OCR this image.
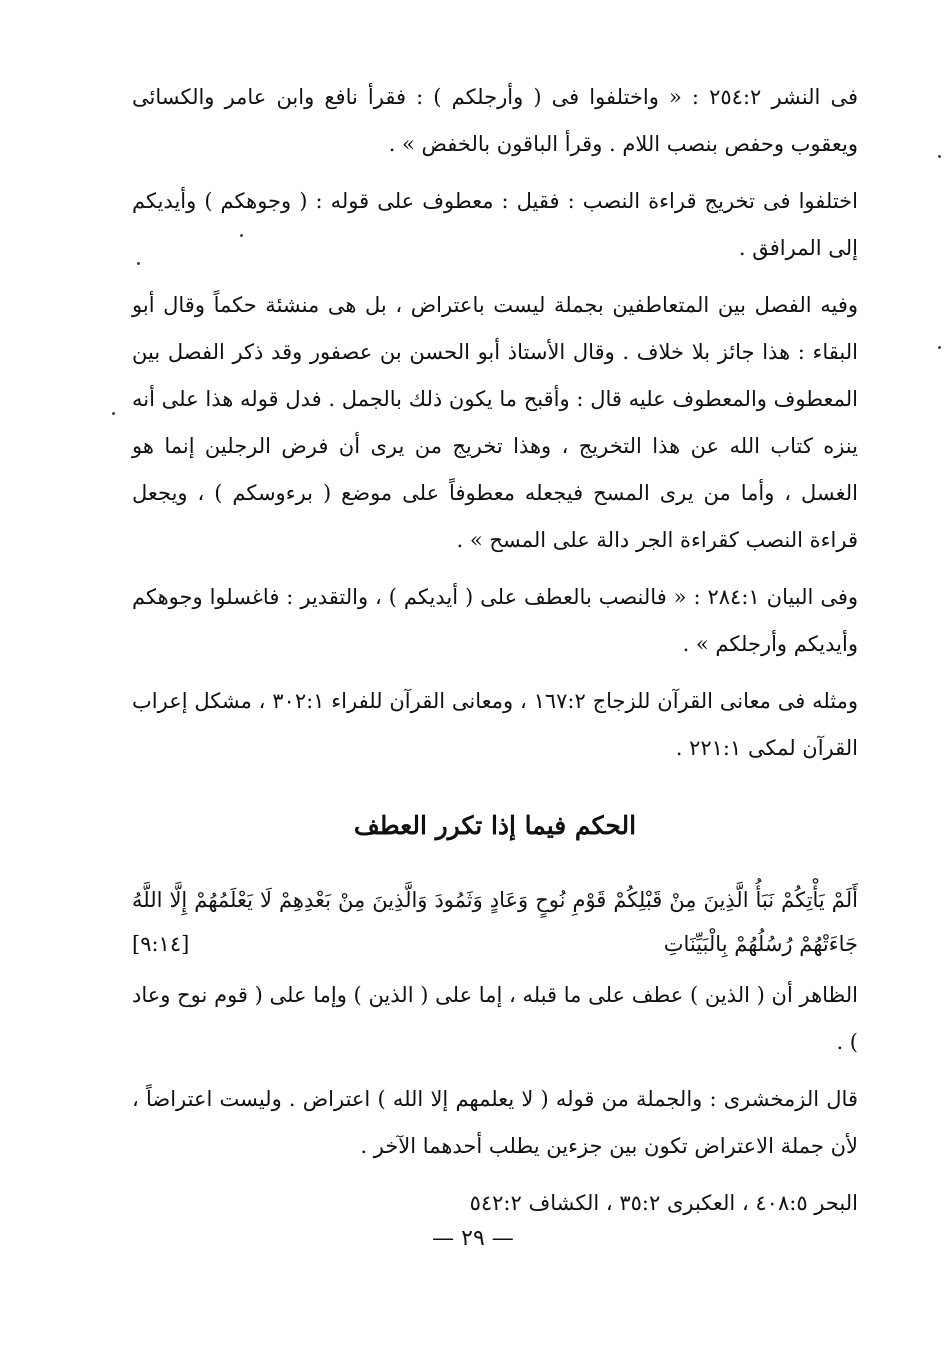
فى النشر ٢٥٤:٢ : « واختلفوا فى ( وأرجلكم ) : فقرأ نافع وابن عامر والكسائى ويعقوب وحفص بنصب اللام . وقرأ الباقون بالخفض » .

اختلفوا فى تخريج قراءة النصب : فقيل : معطوف على قوله : ( وجوهكم ) وأيديكم إلى المرافق .

وفيه الفصل بين المتعاطفين بجملة ليست باعتراض ، بل هى منشئة حكماً وقال أبو البقاء : هذا جائز بلا خلاف . وقال الأستاذ أبو الحسن بن عصفور وقد ذكر الفصل بين المعطوف والمعطوف عليه قال : وأقبح ما يكون ذلك بالجمل . فدل قوله هذا على أنه ينزه كتاب الله عن هذا التخريج ، وهذا تخريج من يرى أن فرض الرجلين إنما هو الغسل ، وأما من يرى المسح فيجعله معطوفاً على موضع ( برءوسكم ) ، ويجعل قراءة النصب كقراءة الجر دالة على المسح » .

وفى البيان ٢٨٤:١ : « فالنصب بالعطف على ( أيديكم ) ، والتقدير : فاغسلوا وجوهكم وأيديكم وأرجلكم » .

ومثله فى معانى القرآن للزجاج ١٦٧:٢ ، ومعانى القرآن للفراء ٣٠٢:١ ، مشكل إعراب القرآن لمكى ٢٢١:١ .

الحكم فيما إذا تكرر العطف

أَلَمْ يَأْتِكُمْ نَبَأُ الَّذِينَ مِنْ قَبْلِكُمْ قَوْمِ نُوحٍ وَعَادٍ وَثَمُودَ وَالَّذِينَ مِنْ بَعْدِهِمْ لَا يَعْلَمُهُمْ إِلَّا اللَّهُ جَاءَتْهُمْ رُسُلُهُمْ بِالْبَيِّنَاتِ
[٩:١٤]

الظاهر أن ( الذين ) عطف على ما قبله ، إما على ( الذين ) وإما على ( قوم نوح وعاد ) .

قال الزمخشرى : والجملة من قوله ( لا يعلمهم إلا الله ) اعتراض . وليست اعتراضاً ، لأن جملة الاعتراض تكون بين جزءين يطلب أحدهما الآخر .

البحر ٤٠٨:٥ ، العكبرى ٣٥:٢ ، الكشاف ٥٤٢:٢

— ٢٩ —
